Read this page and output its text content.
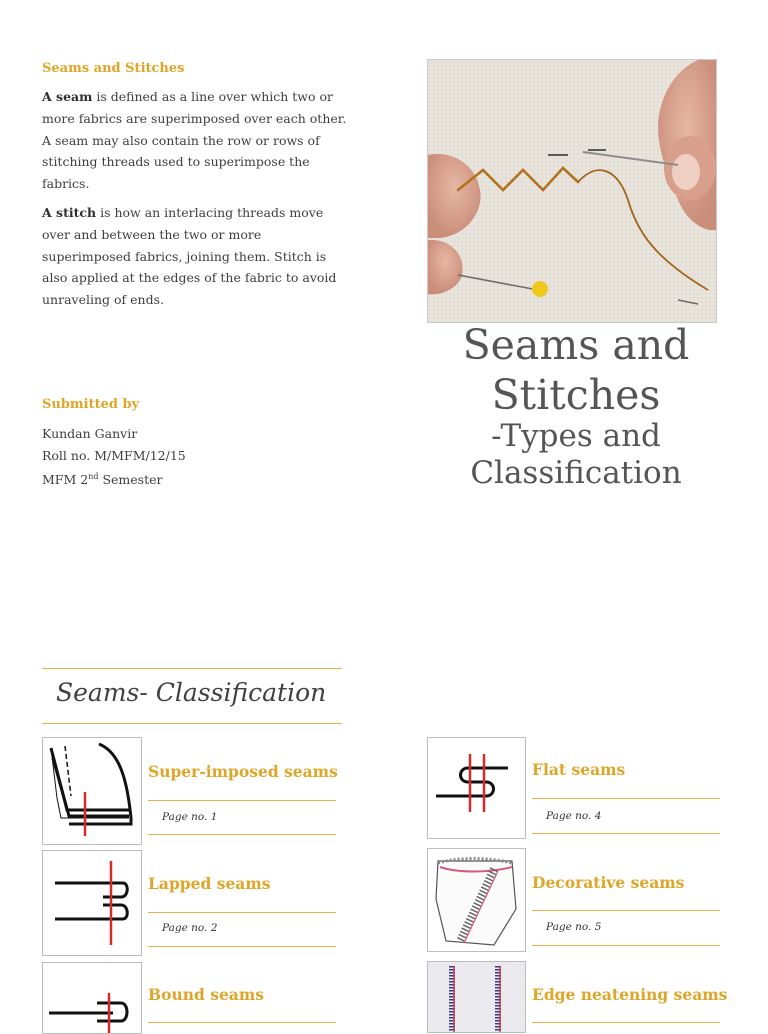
Seams and Stitches
A seam is defined as a line over which two or more fabrics are superimposed over each other. A seam may also contain the row or rows of stitching threads used to superimpose the fabrics.
A stitch is how an interlacing threads move over and between the two or more superimposed fabrics, joining them. Stitch is also applied at the edges of the fabric to avoid unraveling of ends.
Submitted by
Kundan Ganvir
Roll no. M/MFM/12/15
MFM 2nd Semester
Seams and
Stitches
-Types and
Classification
Seams- Classification
Super-imposed seams
Page no. 1
Lapped seams
Page no. 2
Bound seams
Flat seams
Page no. 4
Decorative seams
Page no. 5
Edge neatening seams
